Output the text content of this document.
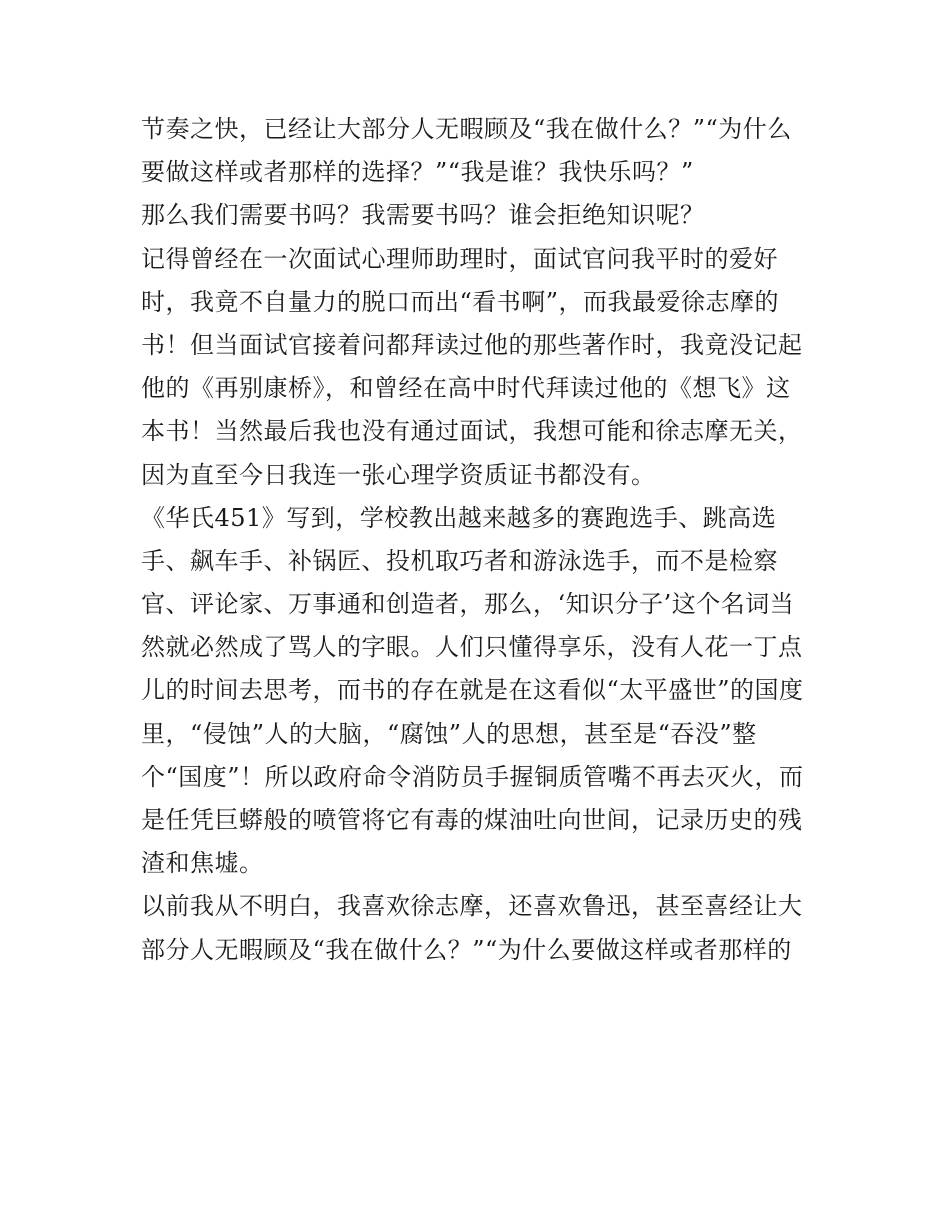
节奏之快，已经让大部分人无暇顾及“我在做什么？”“为什么
要做这样或者那样的选择？”“我是谁？我快乐吗？”
那么我们需要书吗？我需要书吗？谁会拒绝知识呢？
记得曾经在一次面试心理师助理时，面试官问我平时的爱好
时，我竟不自量力的脱口而出“看书啊”，而我最爱徐志摩的
书！但当面试官接着问都拜读过他的那些著作时，我竟没记起
他的《再别康桥》，和曾经在高中时代拜读过他的《想飞》这
本书！当然最后我也没有通过面试，我想可能和徐志摩无关，
因为直至今日我连一张心理学资质证书都没有。
《华氏451》写到，学校教出越来越多的赛跑选手、跳高选
手、飙车手、补锅匠、投机取巧者和游泳选手，而不是检察
官、评论家、万事通和创造者，那么，‘知识分子’这个名词当
然就必然成了骂人的字眼。人们只懂得享乐，没有人花一丁点
儿的时间去思考，而书的存在就是在这看似“太平盛世”的国度
里，“侵蚀”人的大脑，“腐蚀”人的思想，甚至是“吞没”整
个“国度”！所以政府命令消防员手握铜质管嘴不再去灭火，而
是任凭巨蟒般的喷管将它有毒的煤油吐向世间，记录历史的残
渣和焦墟。
以前我从不明白，我喜欢徐志摩，还喜欢鲁迅，甚至喜经让大
部分人无暇顾及“我在做什么？”“为什么要做这样或者那样的
